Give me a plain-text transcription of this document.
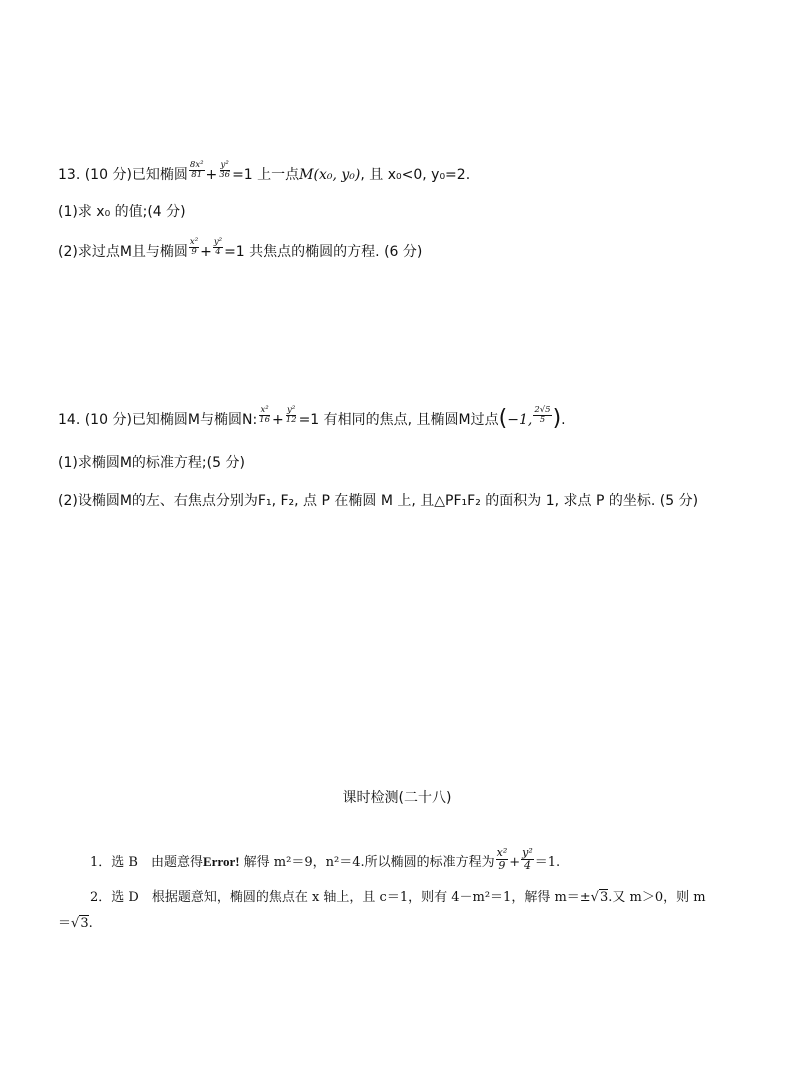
13. (10 分)已知椭圆 $\frac{\text{8x²}}{81} + \frac{\text{y²}}{36} =1$ 上一点M(x₀, y₀), 且 x₀<0, y₀=2.
(1)求 x₀ 的值;(4 分)
(2)求过点M且与椭圆 $\frac{\text{x²}}{9} + \frac{\text{y²}}{4} =1$ 共焦点的椭圆的方程. (6 分)
14. (10 分)已知椭圆M与椭圆N: $\frac{\text{x²}}{16} + \frac{\text{y²}}{12} =1$ 有相同的焦点, 且椭圆M过点(−1, $\frac{2√5}{5}$ ).
(1)求椭圆M的标准方程;(5 分)
(2)设椭圆M的左、右焦点分别为F₁, F₂, 点 P 在椭圆 M 上, 且△PF₁F₂ 的面积为 1, 求点 P 的坐标. (5 分)
课时检测(二十八)
1．选 B　由题意得Error! 解得 m²＝9，n²＝4.所以椭圆的标准方程为 $\frac{\text{x²}}{9} + \frac{\text{y²}}{4} =1$.
2．选 D　根据题意知，椭圆的焦点在 x 轴上，且 c＝1，则有 4－m²＝1，解得 m＝±√3.又 m＞0，则 m
＝√3.
